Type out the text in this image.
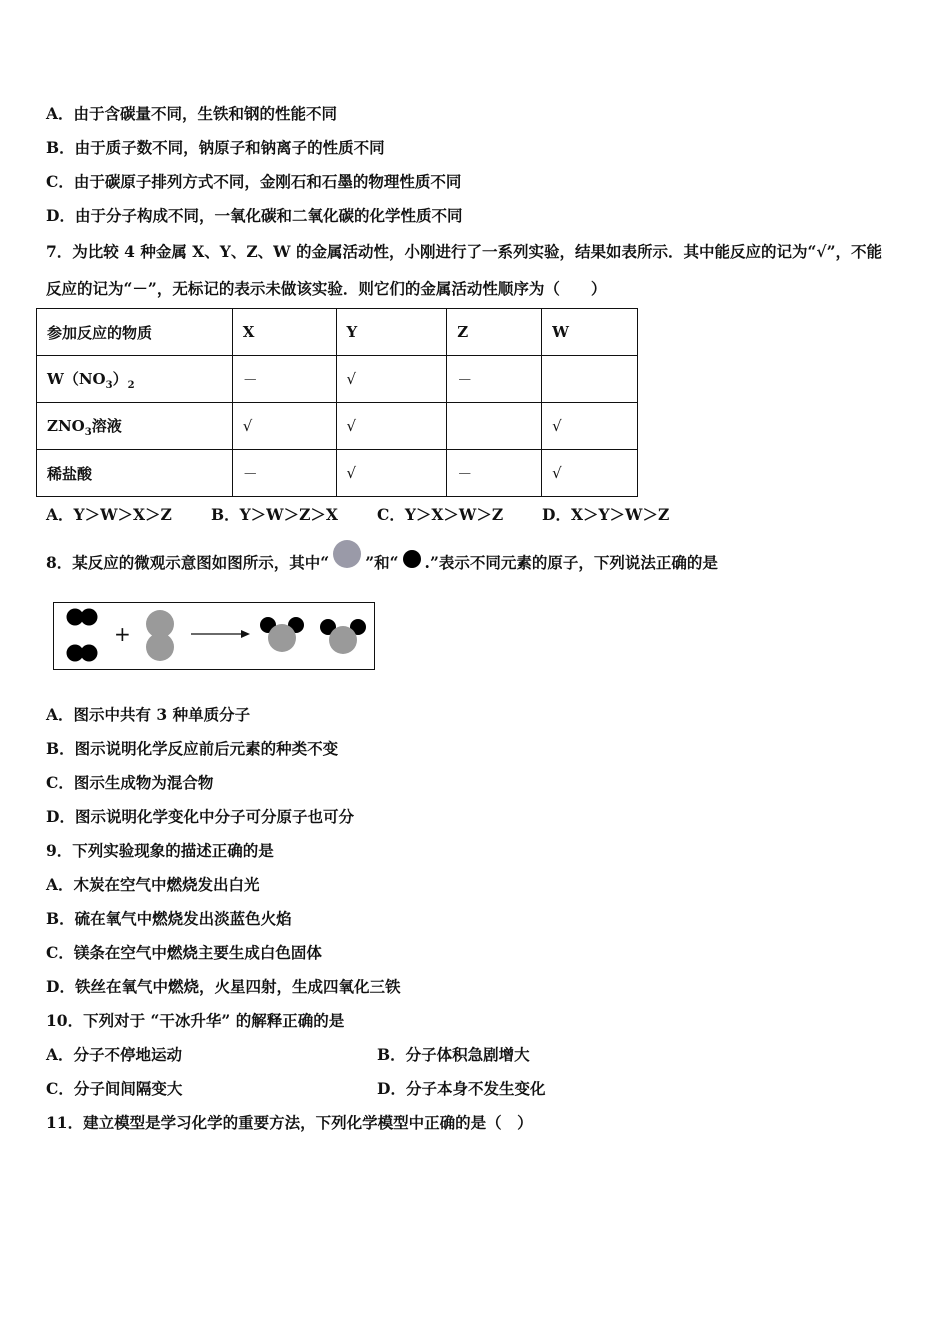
A．由于含碳量不同，生铁和钢的性能不同
B．由于质子数不同，钠原子和钠离子的性质不同
C．由于碳原子排列方式不同，金刚石和石墨的物理性质不同
D．由于分子构成不同，一氧化碳和二氧化碳的化学性质不同
7．为比较 4 种金属 X、Y、Z、W 的金属活动性，小刚进行了一系列实验，结果如表所示．其中能反应的记为“√”，不能
反应的记为“－”，无标记的表示未做该实验．则它们的金属活动性顺序为（　　）
参加反应的物质	X	Y	Z	W
$W(NO_3)_2$	－	√	－	
$ZNO_3$溶液	√	√		√
稀盐酸	－	√	－	√
A．Y＞W＞X＞Z	B．Y＞W＞Z＞X	C．Y＞X＞W＞Z	D．X＞Y＞W＞Z
8．某反应的微观示意图如图所示，其中“ ”和“ .”表示不同元素的原子，下列说法正确的是
+
A．图示中共有 3 种单质分子
B．图示说明化学反应前后元素的种类不变
C．图示生成物为混合物
D．图示说明化学变化中分子可分原子也可分
9．下列实验现象的描述正确的是
A．木炭在空气中燃烧发出白光
B．硫在氧气中燃烧发出淡蓝色火焰
C．镁条在空气中燃烧主要生成白色固体
D．铁丝在氧气中燃烧，火星四射，生成四氧化三铁
10．下列对于 “干冰升华” 的解释正确的是
A．分子不停地运动	B．分子体积急剧增大
C．分子间间隔变大	D．分子本身不发生变化
11．建立模型是学习化学的重要方法，下列化学模型中正确的是（　）
